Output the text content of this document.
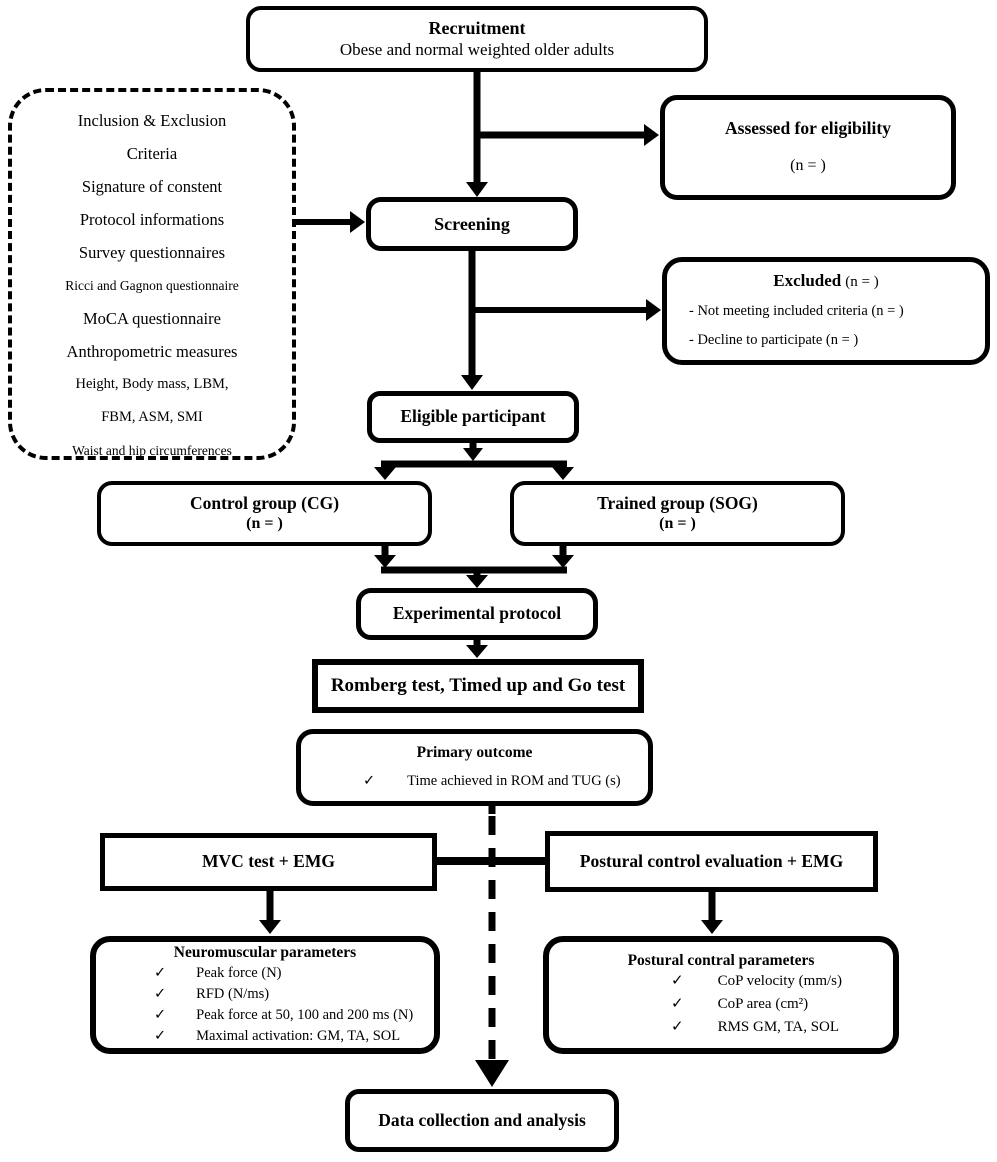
Recruitment
Obese and normal weighted older adults
Inclusion & Exclusion
Criteria
Signature of constent
Protocol informations
Survey questionnaires
Ricci and Gagnon questionnaire
MoCA questionnaire
Anthropometric measures
Height, Body mass, LBM,
FBM, ASM, SMI
Waist and hip circumferences
Assessed for eligibility
(n = )
Screening
Excluded (n = )
- Not meeting included criteria (n = )
- Decline to participate (n = )
Eligible participant
Control group (CG)
(n = )
Trained group (SOG)
(n = )
Experimental protocol
Romberg test, Timed up and Go test
Primary outcome
✓ Time achieved in ROM and TUG (s)
MVC test + EMG	Postural control evaluation + EMG
Neuromuscular parameters
✓ Peak force (N)
✓ RFD (N/ms)
✓ Peak force at 50, 100 and 200 ms (N)
✓ Maximal activation: GM, TA, SOL
Postural contral parameters
✓ CoP velocity (mm/s)
✓ CoP area (cm²)
✓ RMS GM, TA, SOL
Data collection and analysis
